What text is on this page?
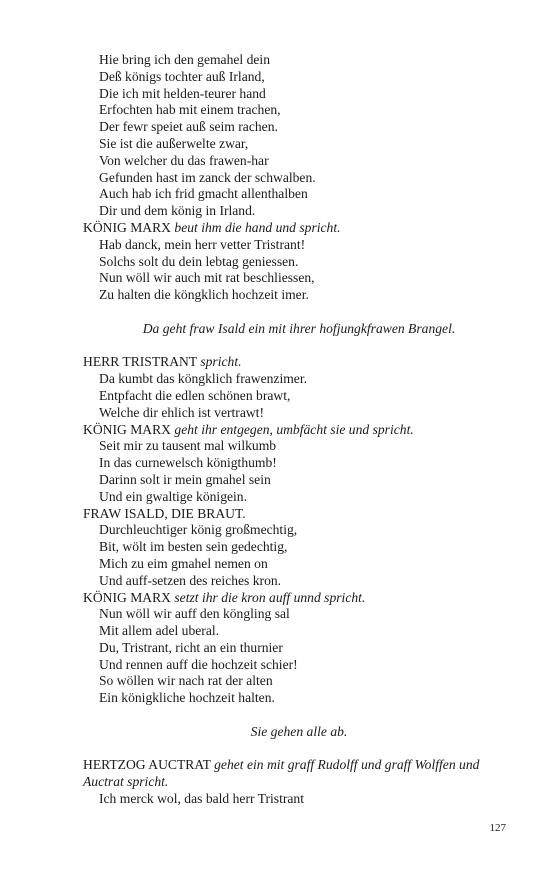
Hie bring ich den gemahel dein
Deß königs tochter auß Irland,
Die ich mit helden-teurer hand
Erfochten hab mit einem trachen,
Der fewr speiet auß seim rachen.
Sie ist die außerwelte zwar,
Von welcher du das frawen-har
Gefunden hast im zanck der schwalben.
Auch hab ich frid gmacht allenthalben
Dir und dem könig in Irland.
KÖNIG MARX beut ihm die hand und spricht.
Hab danck, mein herr vetter Tristrant!
Solchs solt du dein lebtag geniessen.
Nun wöll wir auch mit rat beschliessen,
Zu halten die köngklich hochzeit imer.
Da geht fraw Isald ein mit ihrer hofjungkfrawen Brangel.
HERR TRISTRANT spricht.
Da kumbt das köngklich frawenzimer.
Entpfacht die edlen schönen brawt,
Welche dir ehlich ist vertrawt!
KÖNIG MARX geht ihr entgegen, umbfächt sie und spricht.
Seit mir zu tausent mal wilkumb
In das curnewelsch königthumb!
Darinn solt ir mein gmahel sein
Und ein gwaltige königein.
FRAW ISALD, DIE BRAUT.
Durchleuchtiger könig großmechtig,
Bit, wölt im besten sein gedechtig,
Mich zu eim gmahel nemen on
Und auff-setzen des reiches kron.
KÖNIG MARX setzt ihr die kron auff unnd spricht.
Nun wöll wir auff den köngling sal
Mit allem adel uberal.
Du, Tristrant, richt an ein thurnier
Und rennen auff die hochzeit schier!
So wöllen wir nach rat der alten
Ein königkliche hochzeit halten.
Sie gehen alle ab.
HERTZOG AUCTRAT gehet ein mit graff Rudolff und graff Wolffen und Auctrat spricht.
Ich merck wol, das bald herr Tristrant
127
